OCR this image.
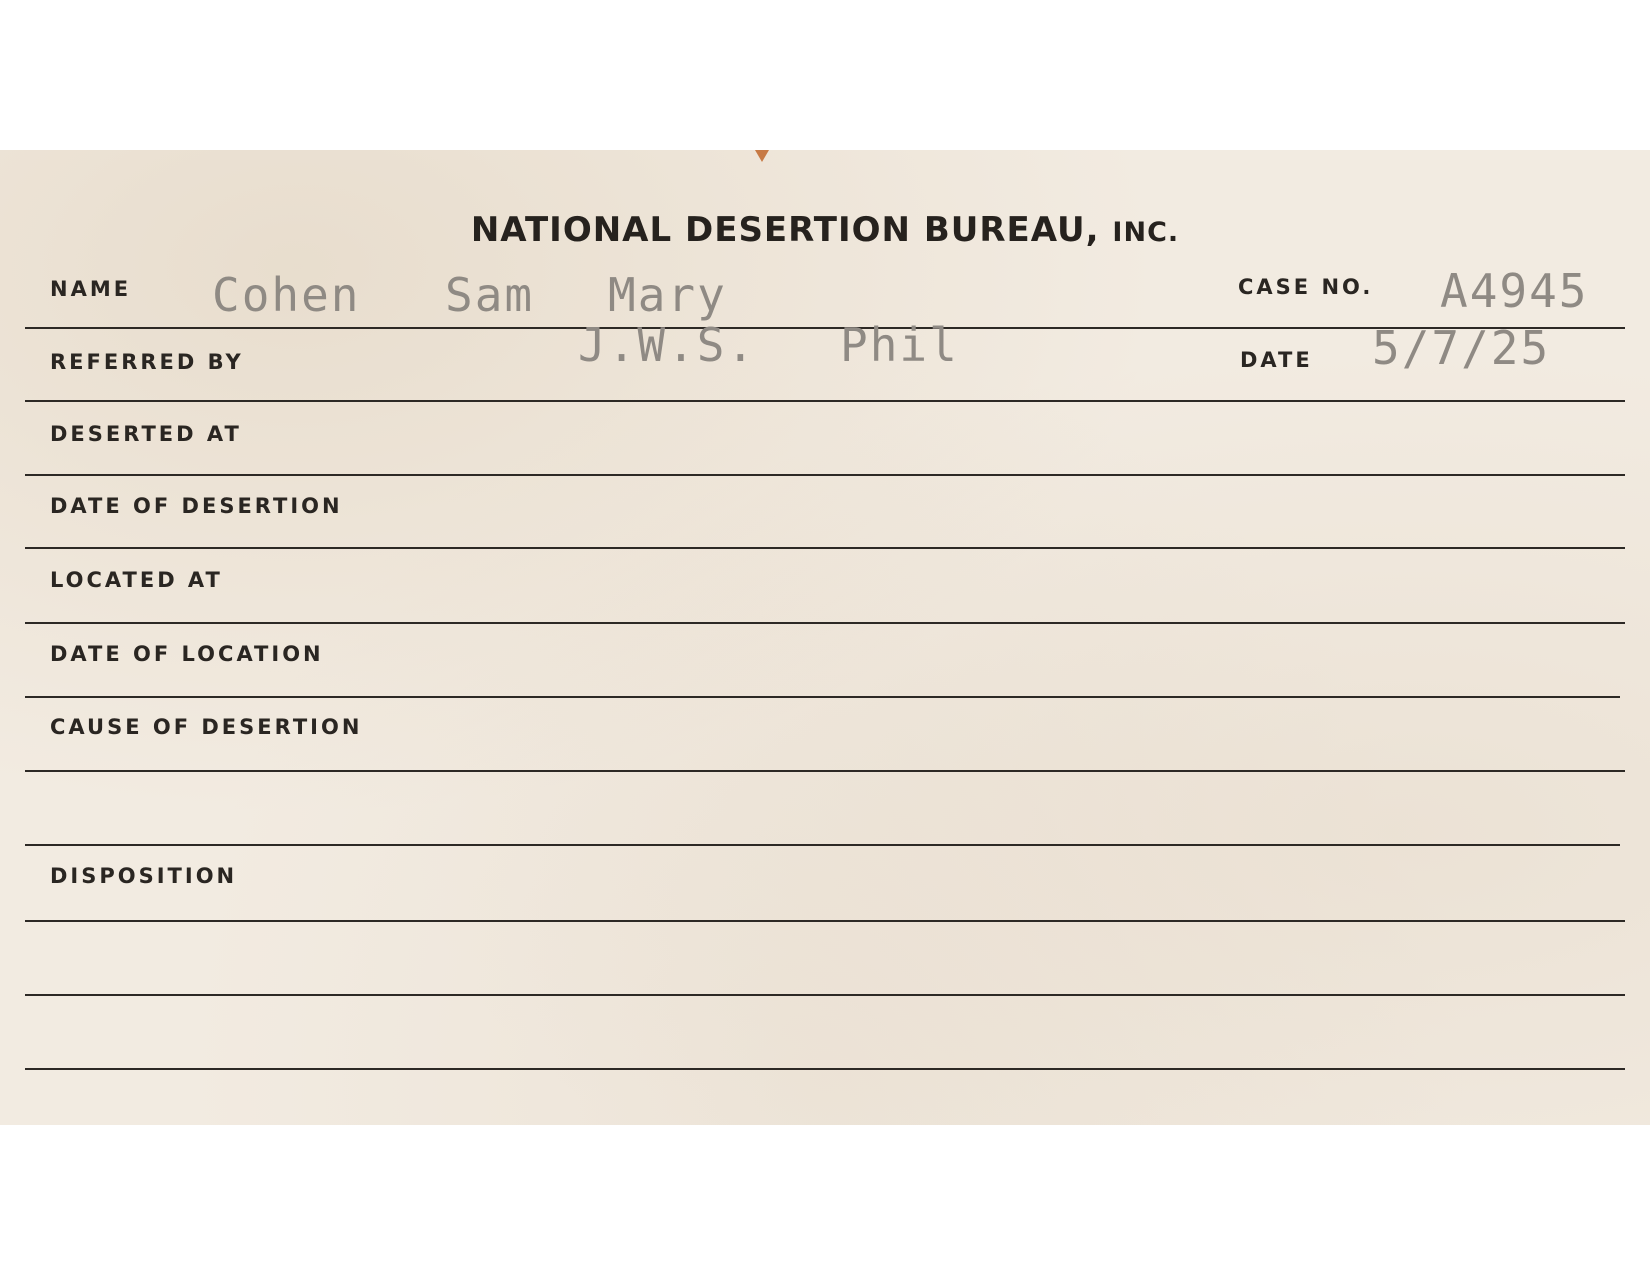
NATIONAL DESERTION BUREAU, INC.
NAME Cohen Sam Mary	CASE NO. A4945
REFERRED BY	J.W.S. Phil	DATE 5/7/25
DESERTED AT
DATE OF DESERTION
LOCATED AT
DATE OF LOCATION
CAUSE OF DESERTION
DISPOSITION
